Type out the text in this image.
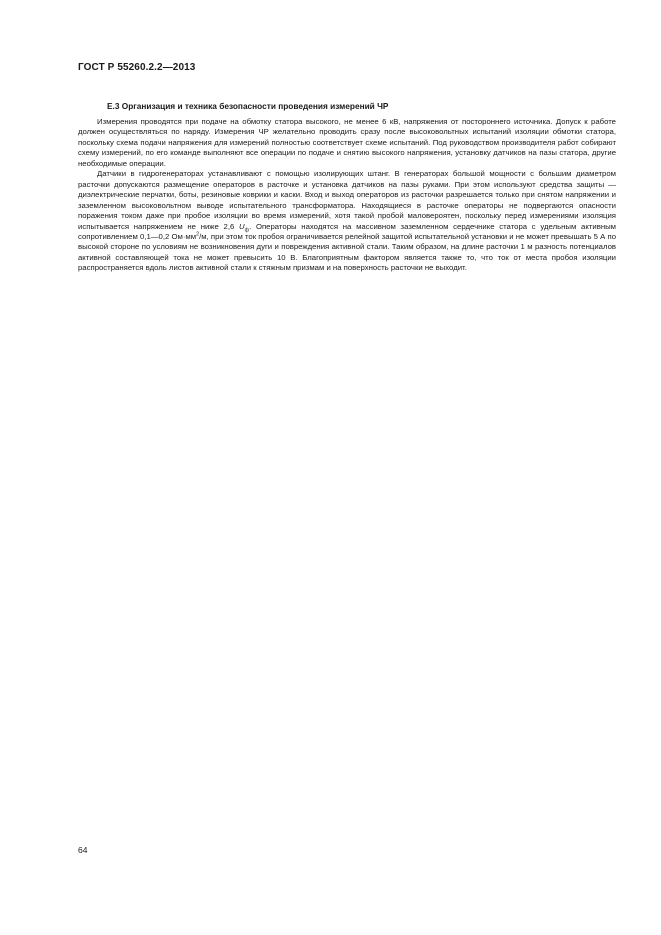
ГОСТ Р 55260.2.2—2013
Е.3 Организация и техника безопасности проведения измерений ЧР

Измерения проводятся при подаче на обмотку статора высокого, не менее 6 кВ, напряжения от постороннего источника. Допуск к работе должен осуществляться по наряду. Измерения ЧР желательно проводить сразу после высоковольтных испытаний изоляции обмотки статора, поскольку схема подачи напряжения для измерений полностью соответствует схеме испытаний. Под руководством производителя работ собирают схему измерений, по его команде выполняют все операции по подаче и снятию высокого напряжения, установку датчиков на пазы статора, другие необходимые операции.

Датчики в гидрогенераторах устанавливают с помощью изолирующих штанг. В генераторах большой мощности с большим диаметром расточки допускаются размещение операторов в расточке и установка датчиков на пазы руками. При этом используют средства защиты — диэлектрические перчатки, боты, резиновые коврики и каски. Вход и выход операторов из расточки разрешается только при снятом напряжении и заземленном высоковольтном выводе испытательного трансформатора. Находящиеся в расточке операторы не подвергаются опасности поражения током даже при пробое изоляции во время измерений, хотя такой пробой маловероятен, поскольку перед измерениями изоляция испытывается напряжением не ниже 2,6 $U_ф$. Операторы находятся на массивном заземленном сердечнике статора с удельным активным сопротивлением 0,1—0,2 $Ом\cdot мм^2/м$, при этом ток пробоя ограничивается релейной защитой испытательной установки и не может превышать 5 А по высокой стороне по условиям не возникновения дуги и повреждения активной стали. Таким образом, на длине расточки 1 м разность потенциалов активной составляющей тока не может превысить 10 В. Благоприятным фактором является также то, что ток от места пробоя изоляции распространяется вдоль листов активной стали к стяжным призмам и на поверхность расточки не выходит.

64
